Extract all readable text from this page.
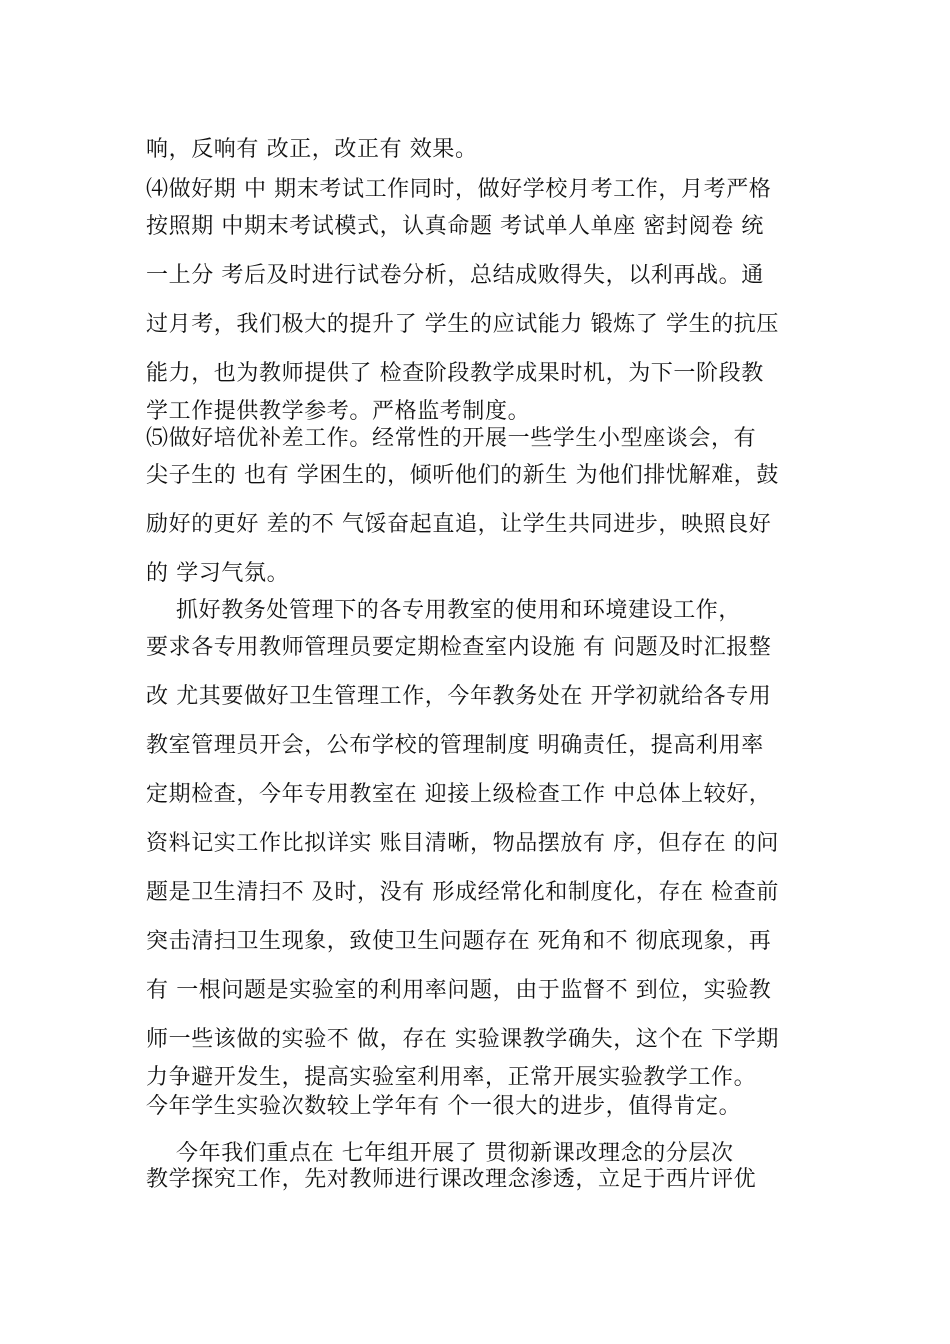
响，反响有 改正，改正有 效果。
⑷做好期 中 期末考试工作同时，做好学校月考工作，月考严格
按照期 中期末考试模式，认真命题 考试单人单座 密封阅卷 统
一上分 考后及时进行试卷分析，总结成败得失，以利再战。通
过月考，我们极大的提升了 学生的应试能力 锻炼了 学生的抗压
能力，也为教师提供了 检查阶段教学成果时机，为下一阶段教
学工作提供教学参考。严格监考制度。
⑸做好培优补差工作。经常性的开展一些学生小型座谈会，有
尖子生的 也有 学困生的，倾听他们的新生 为他们排忧解难，鼓
励好的更好 差的不 气馁奋起直追，让学生共同进步，映照良好
的 学习气氛。
抓好教务处管理下的各专用教室的使用和环境建设工作，
要求各专用教师管理员要定期检查室内设施 有 问题及时汇报整
改 尤其要做好卫生管理工作，今年教务处在 开学初就给各专用
教室管理员开会，公布学校的管理制度 明确责任，提高利用率
定期检查，今年专用教室在 迎接上级检查工作 中总体上较好，
资料记实工作比拟详实 账目清晰，物品摆放有 序，但存在 的问
题是卫生清扫不 及时，没有 形成经常化和制度化，存在 检查前
突击清扫卫生现象，致使卫生问题存在 死角和不 彻底现象，再
有 一根问题是实验室的利用率问题，由于监督不 到位，实验教
师一些该做的实验不 做，存在 实验课教学确失，这个在 下学期
力争避开发生，提高实验室利用率，正常开展实验教学工作。
今年学生实验次数较上学年有 个一很大的进步，值得肯定。
今年我们重点在 七年组开展了 贯彻新课改理念的分层次
教学探究工作，先对教师进行课改理念渗透，立足于西片评优
